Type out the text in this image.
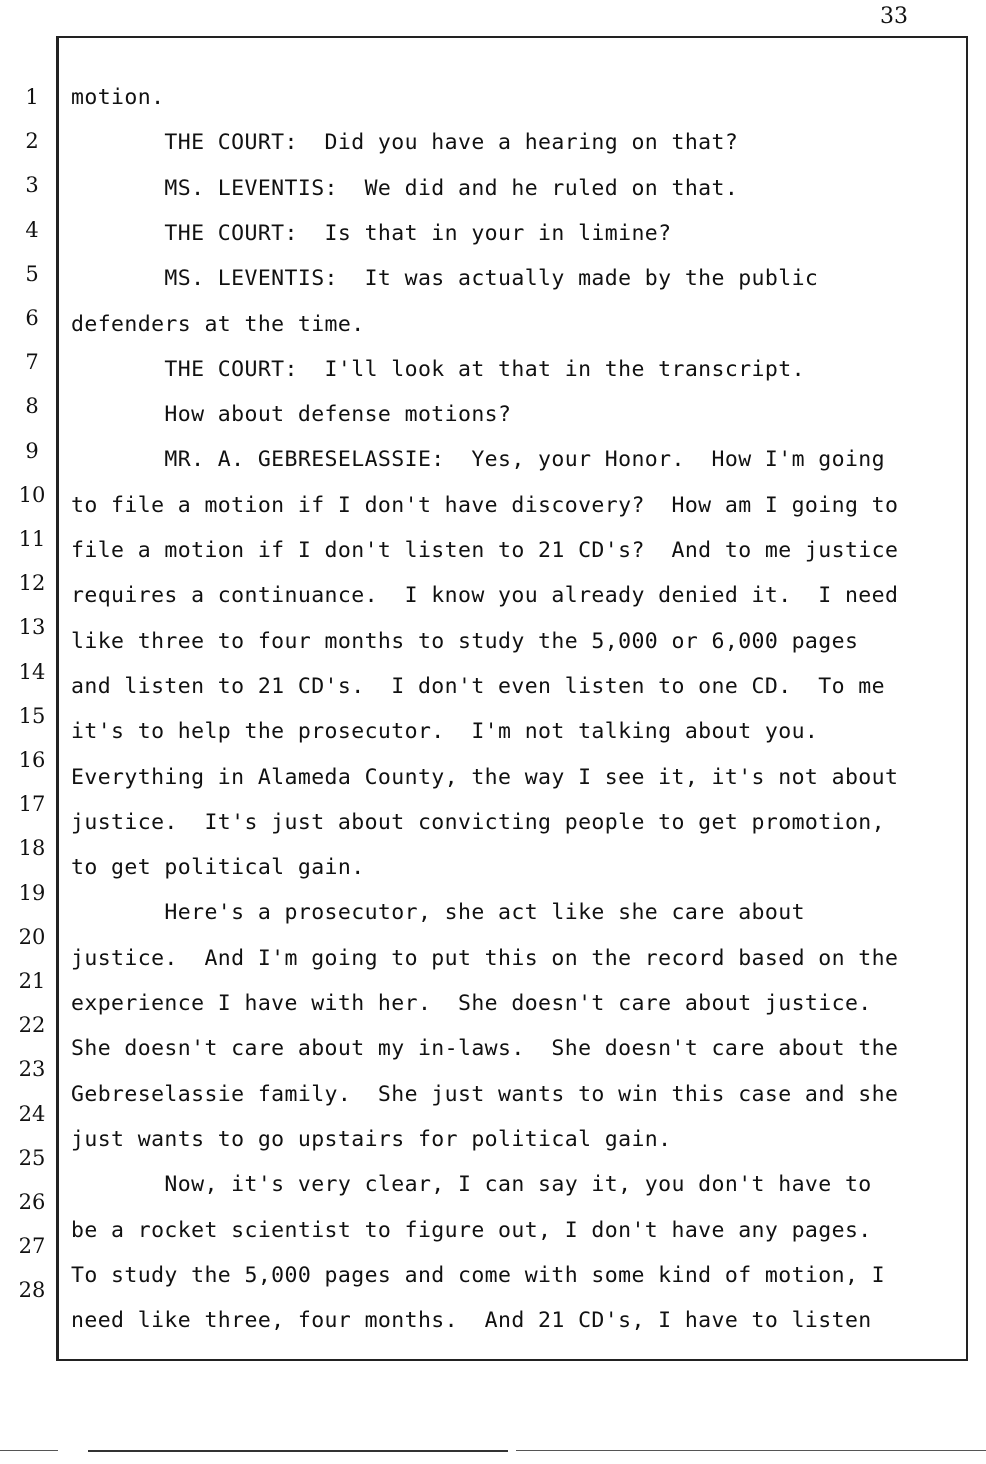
33
1
2
3
4
5
6
7
8
9
10
11
12
13
14
15
16
17
18
19
20
21
22
23
24
25
26
27
28
motion.
THE COURT:  Did you have a hearing on that?
MS. LEVENTIS:  We did and he ruled on that.
THE COURT:  Is that in your in limine?
MS. LEVENTIS:  It was actually made by the public
defenders at the time.
THE COURT:  I'll look at that in the transcript.
How about defense motions?
MR. A. GEBRESELASSIE:  Yes, your Honor.  How I'm going
to file a motion if I don't have discovery?  How am I going to
file a motion if I don't listen to 21 CD's?  And to me justice
requires a continuance.  I know you already denied it.  I need
like three to four months to study the 5,000 or 6,000 pages
and listen to 21 CD's.  I don't even listen to one CD.  To me
it's to help the prosecutor.  I'm not talking about you.
Everything in Alameda County, the way I see it, it's not about
justice.  It's just about convicting people to get promotion,
to get political gain.
Here's a prosecutor, she act like she care about
justice.  And I'm going to put this on the record based on the
experience I have with her.  She doesn't care about justice.
She doesn't care about my in-laws.  She doesn't care about the
Gebreselassie family.  She just wants to win this case and she
just wants to go upstairs for political gain.
Now, it's very clear, I can say it, you don't have to
be a rocket scientist to figure out, I don't have any pages.
To study the 5,000 pages and come with some kind of motion, I
need like three, four months.  And 21 CD's, I have to listen
